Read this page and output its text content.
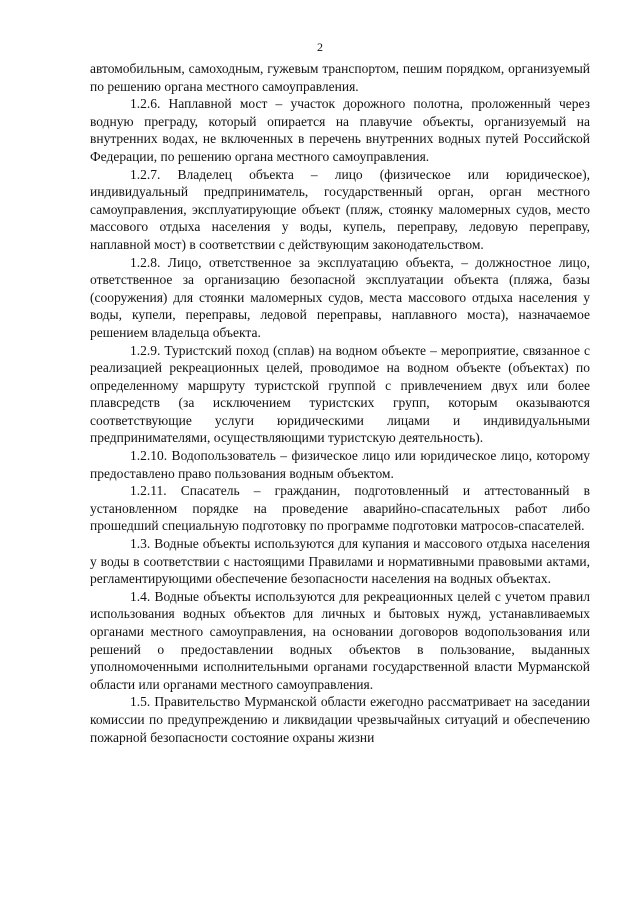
2

автомобильным, самоходным, гужевым транспортом, пешим порядком, организуемый по решению органа местного самоуправления.

1.2.6. Наплавной мост – участок дорожного полотна, проложенный через водную преграду, который опирается на плавучие объекты, организуемый на внутренних водах, не включенных в перечень внутренних водных путей Российской Федерации, по решению органа местного самоуправления.

1.2.7. Владелец объекта – лицо (физическое или юридическое), индивидуальный предприниматель, государственный орган, орган местного самоуправления, эксплуатирующие объект (пляж, стоянку маломерных судов, место массового отдыха населения у воды, купель, переправу, ледовую переправу, наплавной мост) в соответствии с действующим законодательством.

1.2.8. Лицо, ответственное за эксплуатацию объекта, – должностное лицо, ответственное за организацию безопасной эксплуатации объекта (пляжа, базы (сооружения) для стоянки маломерных судов, места массового отдыха населения у воды, купели, переправы, ледовой переправы, наплавного моста), назначаемое решением владельца объекта.

1.2.9. Туристский поход (сплав) на водном объекте – мероприятие, связанное с реализацией рекреационных целей, проводимое на водном объекте (объектах) по определенному маршруту туристской группой с привлечением двух или более плавсредств (за исключением туристских групп, которым оказываются соответствующие услуги юридическими лицами и индивидуальными предпринимателями, осуществляющими туристскую деятельность).

1.2.10. Водопользователь – физическое лицо или юридическое лицо, которому предоставлено право пользования водным объектом.

1.2.11. Спасатель – гражданин, подготовленный и аттестованный в установленном порядке на проведение аварийно-спасательных работ либо прошедший специальную подготовку по программе подготовки матросов-спасателей.

1.3. Водные объекты используются для купания и массового отдыха населения у воды в соответствии с настоящими Правилами и нормативными правовыми актами, регламентирующими обеспечение безопасности населения на водных объектах.

1.4. Водные объекты используются для рекреационных целей с учетом правил использования водных объектов для личных и бытовых нужд, устанавливаемых органами местного самоуправления, на основании договоров водопользования или решений о предоставлении водных объектов в пользование, выданных уполномоченными исполнительными органами государственной власти Мурманской области или органами местного самоуправления.

1.5. Правительство Мурманской области ежегодно рассматривает на заседании комиссии по предупреждению и ликвидации чрезвычайных ситуаций и обеспечению пожарной безопасности состояние охраны жизни
